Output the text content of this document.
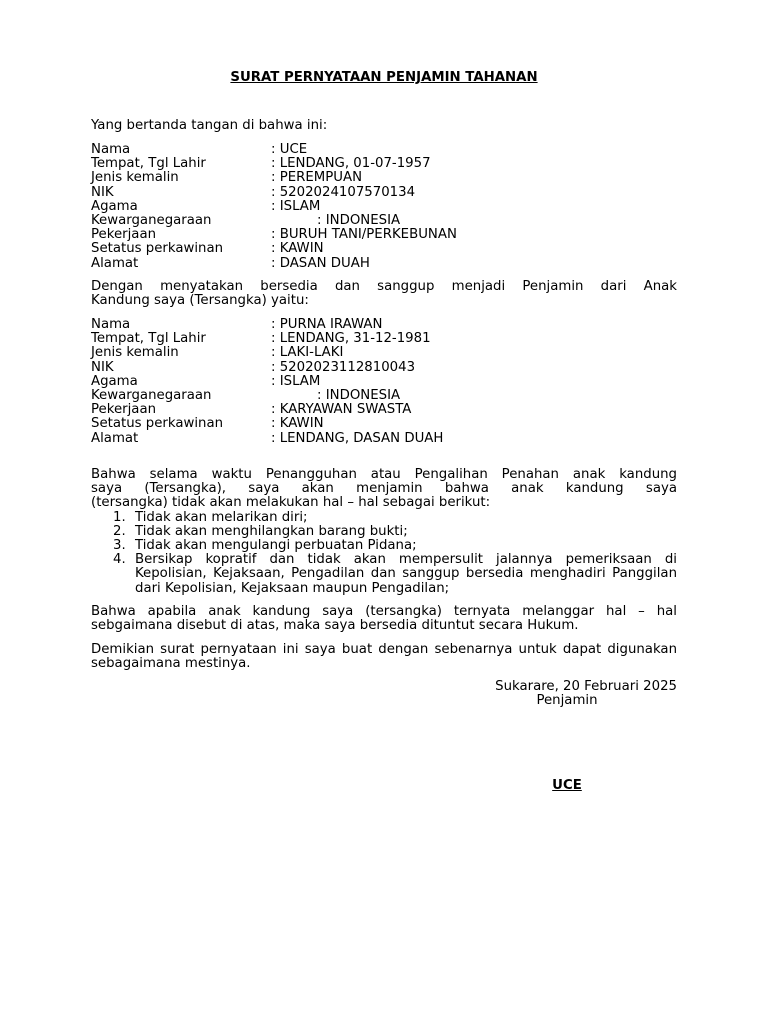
SURAT PERNYATAAN PENJAMIN TAHANAN
Yang bertanda tangan di bahwa ini:
Nama	: UCE
Tempat, Tgl Lahir	: LENDANG, 01-07-1957
Jenis kemalin	: PEREMPUAN
NIK	: 5202024107570134
Agama	: ISLAM
Kewarganegaraan	: INDONESIA
Pekerjaan	: BURUH TANI/PERKEBUNAN
Setatus perkawinan	: KAWIN
Alamat	: DASAN DUAH
Dengan menyatakan bersedia dan sanggup menjadi Penjamin dari Anak
Kandung saya (Tersangka) yaitu:
Nama	: PURNA IRAWAN
Tempat, Tgl Lahir	: LENDANG, 31-12-1981
Jenis kemalin	: LAKI-LAKI
NIK	: 5202023112810043
Agama	: ISLAM
Kewarganegaraan	: INDONESIA
Pekerjaan	: KARYAWAN SWASTA
Setatus perkawinan	: KAWIN
Alamat	: LENDANG, DASAN DUAH
Bahwa selama waktu Penangguhan atau Pengalihan Penahan anak kandung
saya (Tersangka), saya akan menjamin bahwa anak kandung saya
(tersangka) tidak akan melakukan hal – hal sebagai berikut:
1. Tidak akan melarikan diri;
2. Tidak akan menghilangkan barang bukti;
3. Tidak akan mengulangi perbuatan Pidana;
4. Bersikap kopratif dan tidak akan mempersulit jalannya pemeriksaan di Kepolisian, Kejaksaan, Pengadilan dan sanggup bersedia menghadiri Panggilan dari Kepolisian, Kejaksaan maupun Pengadilan;
Bahwa apabila anak kandung saya (tersangka) ternyata melanggar hal – hal sebgaimana disebut di atas, maka saya bersedia dituntut secara Hukum.
Demikian surat pernyataan ini saya buat dengan sebenarnya untuk dapat digunakan sebagaimana mestinya.
Sukarare, 20 Februari 2025
Penjamin
UCE
